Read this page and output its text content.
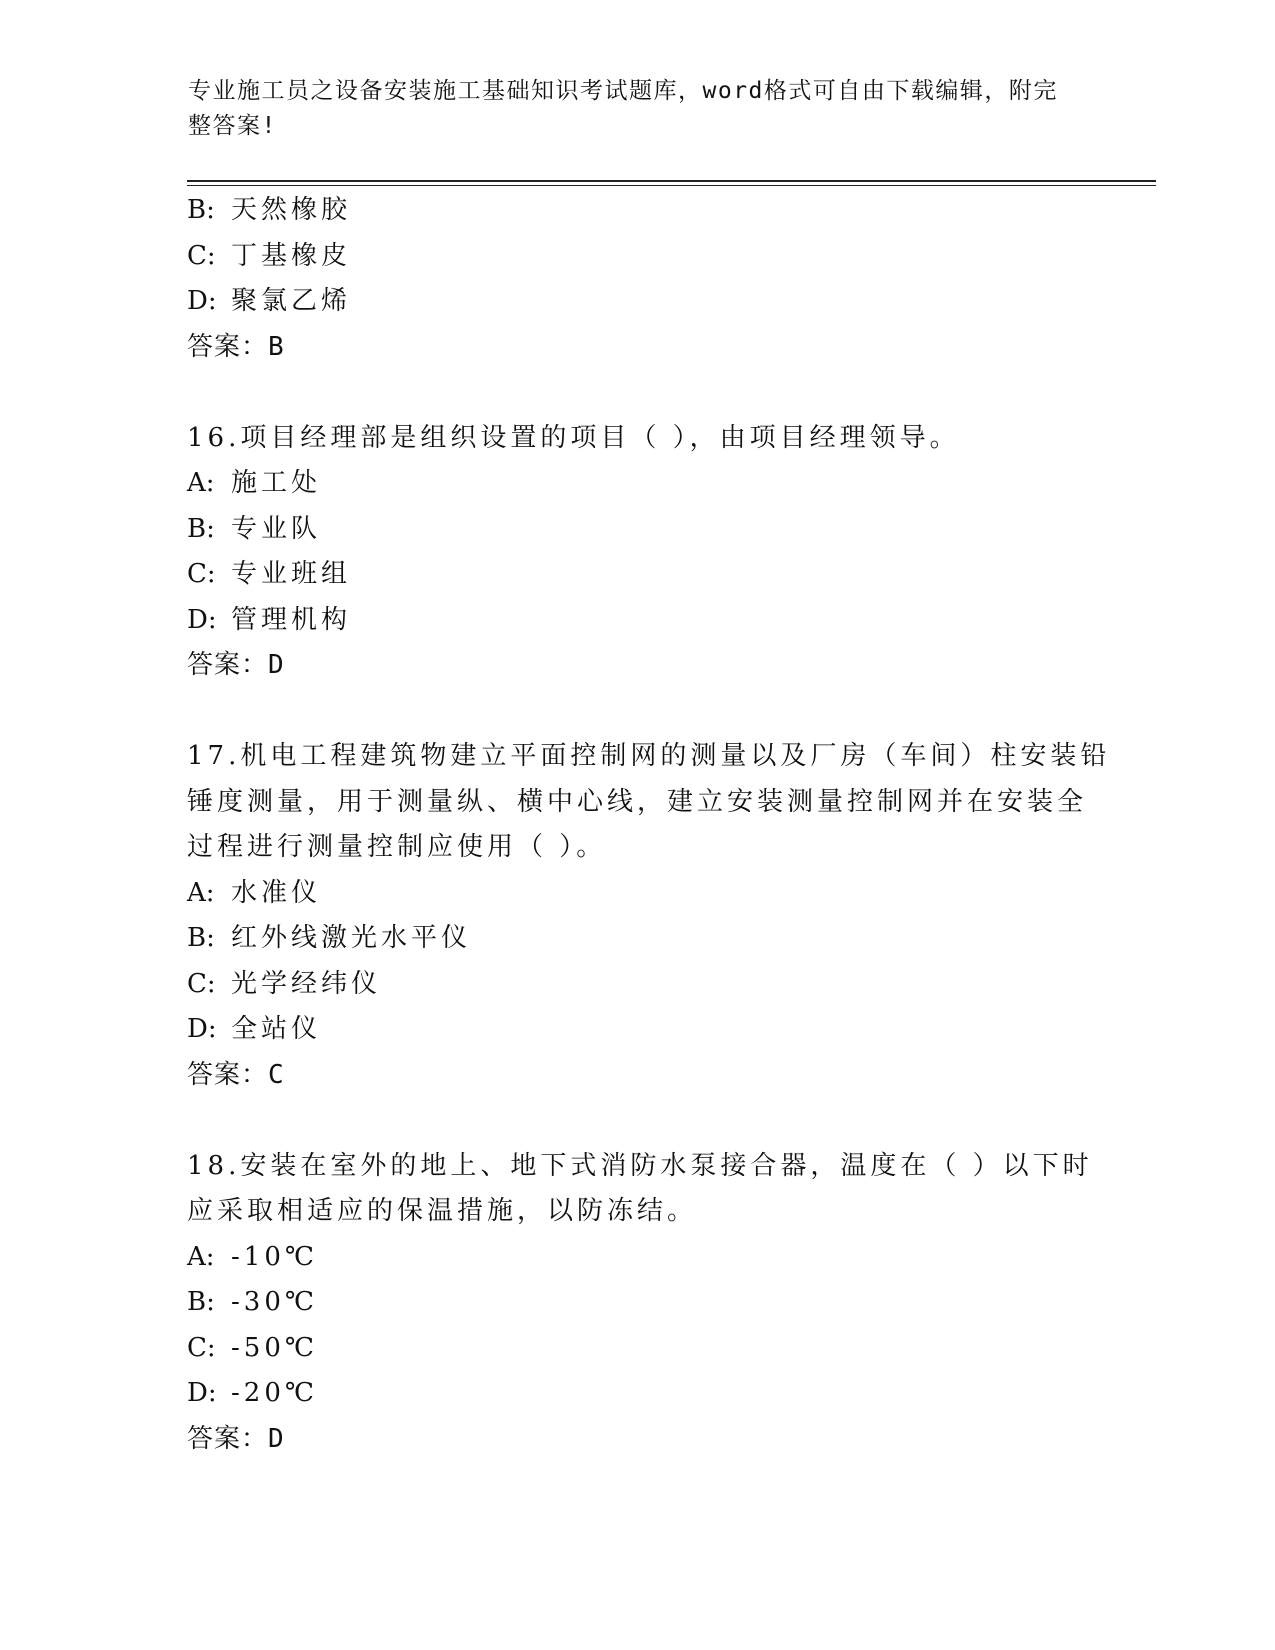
专业施工员之设备安装施工基础知识考试题库，word格式可自由下载编辑，附完
整答案!
B: 天然橡胶
C: 丁基橡皮
D: 聚氯乙烯
答案：B
16.项目经理部是组织设置的项目（ ），由项目经理领导。
A: 施工处
B: 专业队
C: 专业班组
D: 管理机构
答案：D
17.机电工程建筑物建立平面控制网的测量以及厂房（车间）柱安装铅
锤度测量，用于测量纵、横中心线，建立安装测量控制网并在安装全
过程进行测量控制应使用（ ）。
A: 水准仪
B: 红外线激光水平仪
C: 光学经纬仪
D: 全站仪
答案：C
18.安装在室外的地上、地下式消防水泵接合器，温度在（ ）以下时
应采取相适应的保温措施，以防冻结。
A: -10℃
B: -30℃
C: -50℃
D: -20℃
答案：D
